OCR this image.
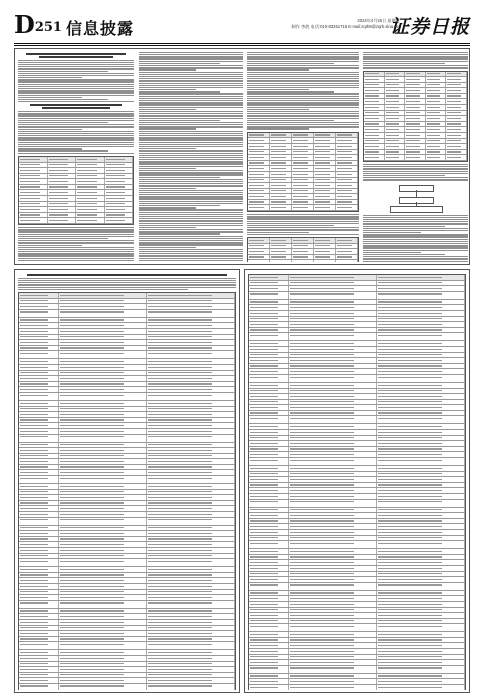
D251 信息披露	2024年4月26日 星期五
制作 李波 电话:010-83251716 E-mail:zqrb9@zqrb.sina.net
证券日报
